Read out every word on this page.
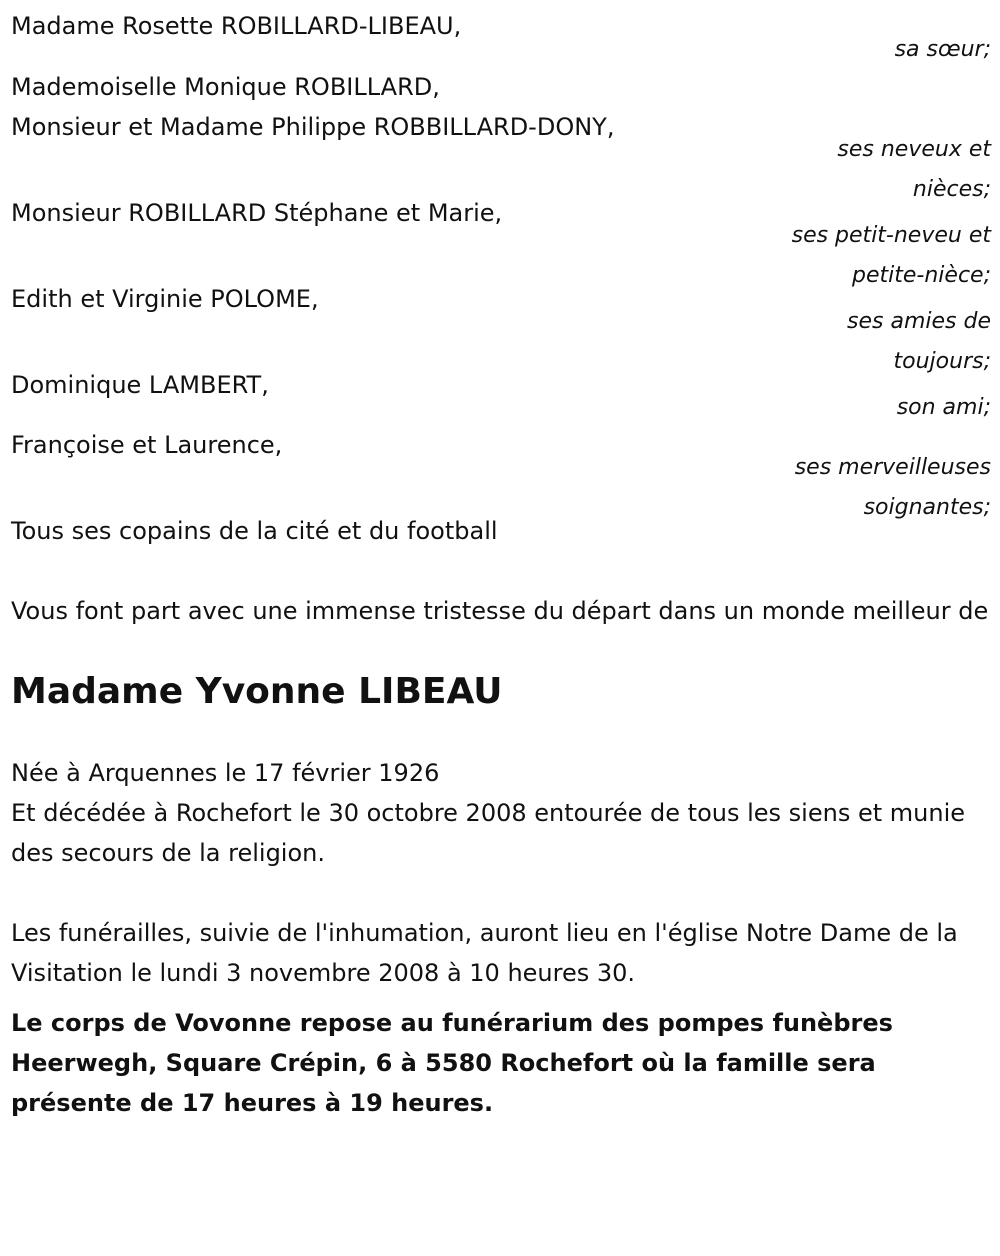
Madame Rosette ROBILLARD-LIBEAU,

sa sœur;

Mademoiselle Monique ROBILLARD,

Monsieur et Madame Philippe ROBBILLARD-DONY,

ses neveux et
nièces;

Monsieur ROBILLARD Stéphane et Marie,

ses petit-neveu et
petite-nièce;

Edith et Virginie POLOME,

ses amies de
toujours;

Dominique LAMBERT,

son ami;

Françoise et Laurence,

ses merveilleuses
soignantes;

Tous ses copains de la cité et du football

Vous font part avec une immense tristesse du départ dans un monde meilleur de

Madame Yvonne LIBEAU

Née à Arquennes le 17 février 1926

Et décédée à Rochefort le 30 octobre 2008 entourée de tous les siens et munie des secours de la religion.

Les funérailles, suivie de l'inhumation, auront lieu en l'église Notre Dame de la Visitation le lundi 3 novembre 2008 à 10 heures 30.

Le corps de Vovonne repose au funérarium des pompes funèbres Heerwegh, Square Crépin, 6 à 5580 Rochefort où la famille sera présente de 17 heures à 19 heures.
